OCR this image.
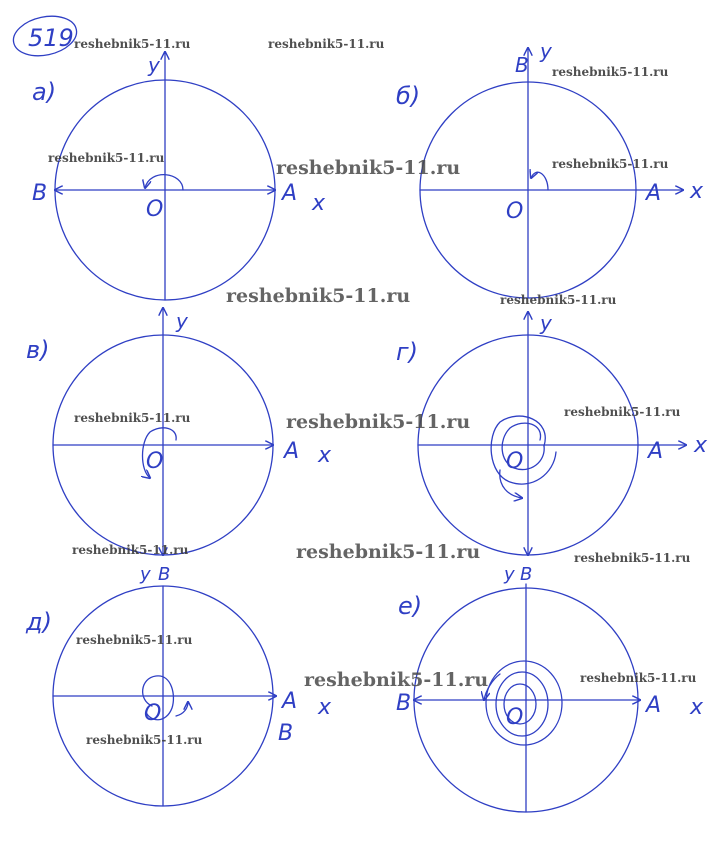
519
а)
y
x
A
B
O
б)
y
B
x
A
O
в)
y
x
A
O
г)
y
x
A
O
д)
y B
x
A
B
O
е)
y B
x
A
B
O
reshebnik5-11.ru	reshebnik5-11.ru
reshebnik5-11.ru
reshebnik5-11.ru	reshebnik5-11.ru	reshebnik5-11.ru
reshebnik5-11.ru	reshebnik5-11.ru
reshebnik5-11.ru
reshebnik5-11.ru	reshebnik5-11.ru
reshebnik5-11.ru	reshebnik5-11.ru	reshebnik5-11.ru
reshebnik5-11.ru
reshebnik5-11.ru	reshebnik5-11.ru
reshebnik5-11.ru
